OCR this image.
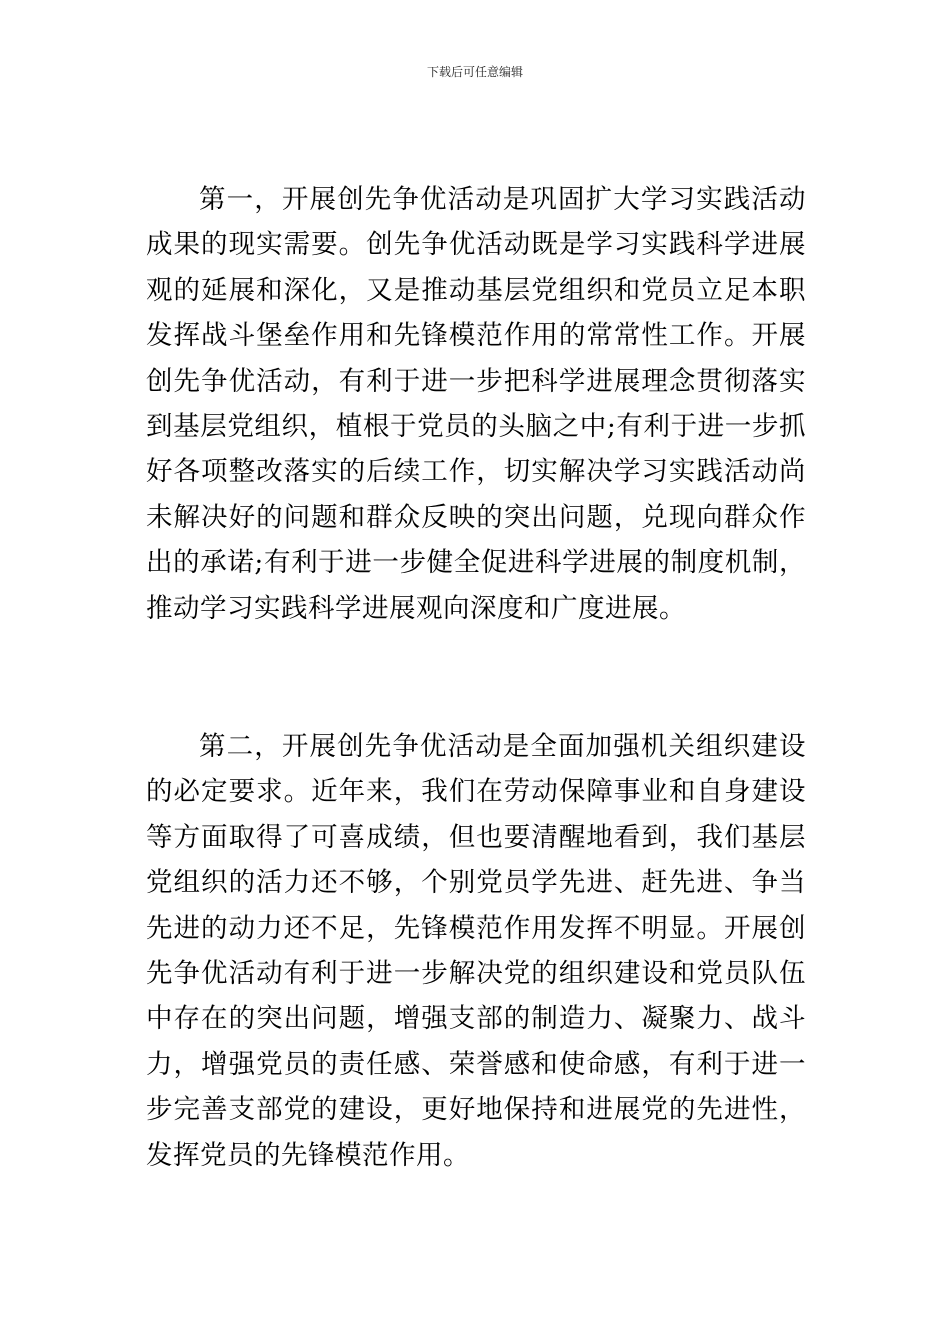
下载后可任意编辑

第一，开展创先争优活动是巩固扩大学习实践活动成果的现实需要。创先争优活动既是学习实践科学进展观的延展和深化，又是推动基层党组织和党员立足本职发挥战斗堡垒作用和先锋模范作用的常常性工作。开展创先争优活动，有利于进一步把科学进展理念贯彻落实到基层党组织，植根于党员的头脑之中;有利于进一步抓好各项整改落实的后续工作，切实解决学习实践活动尚未解决好的问题和群众反映的突出问题，兑现向群众作出的承诺;有利于进一步健全促进科学进展的制度机制，推动学习实践科学进展观向深度和广度进展。

第二，开展创先争优活动是全面加强机关组织建设的必定要求。近年来，我们在劳动保障事业和自身建设等方面取得了可喜成绩，但也要清醒地看到，我们基层党组织的活力还不够，个别党员学先进、赶先进、争当先进的动力还不足，先锋模范作用发挥不明显。开展创先争优活动有利于进一步解决党的组织建设和党员队伍中存在的突出问题，增强支部的制造力、凝聚力、战斗力，增强党员的责任感、荣誉感和使命感，有利于进一步完善支部党的建设，更好地保持和进展党的先进性，发挥党员的先锋模范作用。
